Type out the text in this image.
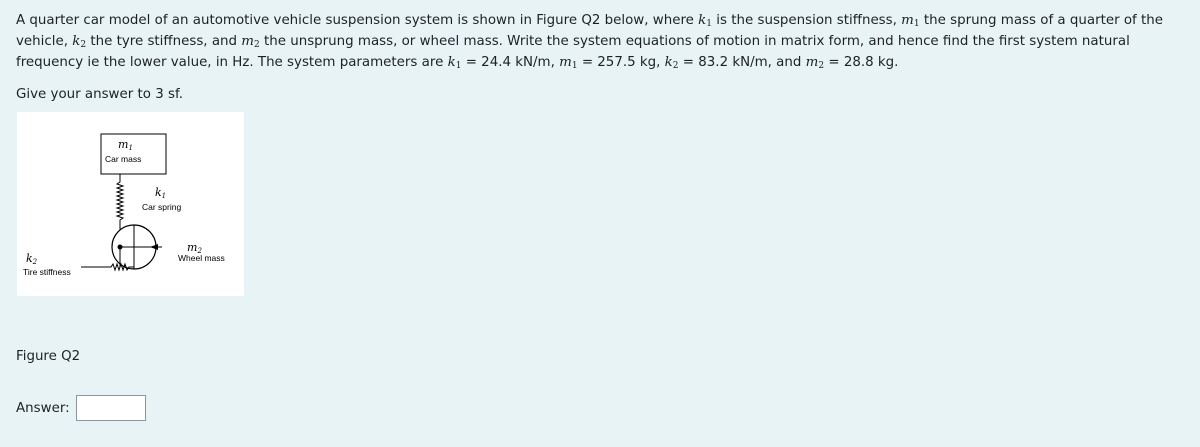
A quarter car model of an automotive vehicle suspension system is shown in Figure Q2 below, where $k_1$ is the suspension stiffness, $m_1$ the sprung mass of a quarter of the vehicle, $k_2$ the tyre stiffness, and $m_2$ the unsprung mass, or wheel mass. Write the system equations of motion in matrix form, and hence find the first system natural frequency ie the lower value, in Hz. The system parameters are $k_1 = 24.4$ kN/m, $m_1 = 257.5$ kg, $k_2 = 83.2$ kN/m, and $m_2 = 28.8$ kg.

Give your answer to 3 sf.

m1
Car mass
k1
Car spring
m2
Wheel mass
k2
Tire stiffness
Figure Q2
Answer:
